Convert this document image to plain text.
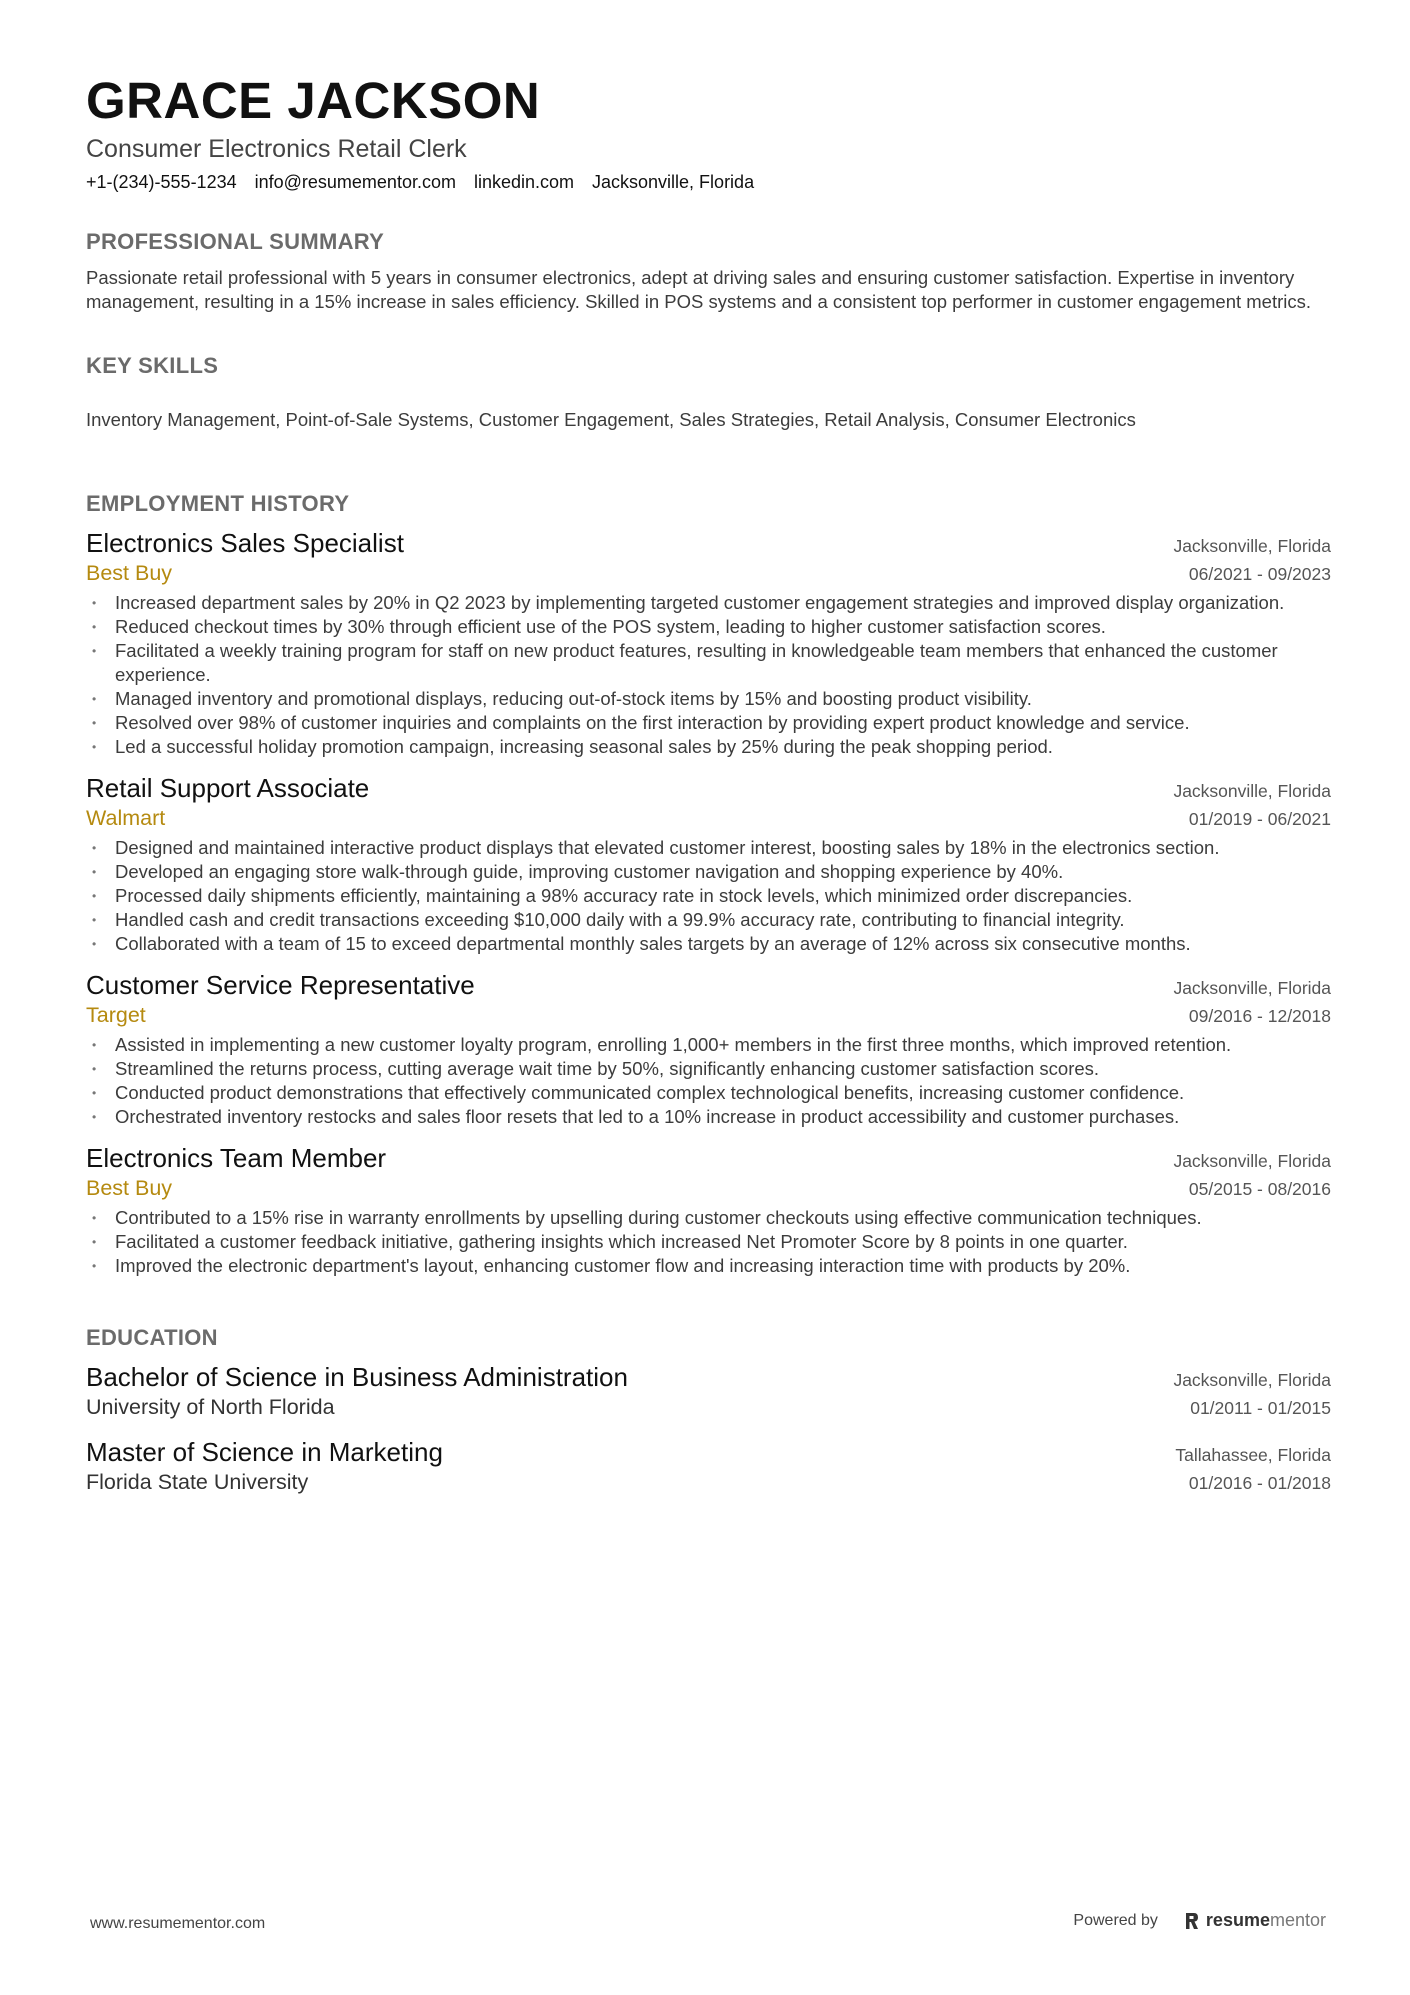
GRACE JACKSON
Consumer Electronics Retail Clerk
+1-(234)-555-1234 info@resumementor.com linkedin.com Jacksonville, Florida
PROFESSIONAL SUMMARY
Passionate retail professional with 5 years in consumer electronics, adept at driving sales and ensuring customer satisfaction. Expertise in inventory management, resulting in a 15% increase in sales efficiency. Skilled in POS systems and a consistent top performer in customer engagement metrics.
KEY SKILLS
Inventory Management, Point-of-Sale Systems, Customer Engagement, Sales Strategies, Retail Analysis, Consumer Electronics
EMPLOYMENT HISTORY
Electronics Sales Specialist	Jacksonville, Florida
Best Buy	06/2021 - 09/2023
• Increased department sales by 20% in Q2 2023 by implementing targeted customer engagement strategies and improved display organization.
• Reduced checkout times by 30% through efficient use of the POS system, leading to higher customer satisfaction scores.
• Facilitated a weekly training program for staff on new product features, resulting in knowledgeable team members that enhanced the customer experience.
• Managed inventory and promotional displays, reducing out-of-stock items by 15% and boosting product visibility.
• Resolved over 98% of customer inquiries and complaints on the first interaction by providing expert product knowledge and service.
• Led a successful holiday promotion campaign, increasing seasonal sales by 25% during the peak shopping period.
Retail Support Associate	Jacksonville, Florida
Walmart	01/2019 - 06/2021
• Designed and maintained interactive product displays that elevated customer interest, boosting sales by 18% in the electronics section.
• Developed an engaging store walk-through guide, improving customer navigation and shopping experience by 40%.
• Processed daily shipments efficiently, maintaining a 98% accuracy rate in stock levels, which minimized order discrepancies.
• Handled cash and credit transactions exceeding $10,000 daily with a 99.9% accuracy rate, contributing to financial integrity.
• Collaborated with a team of 15 to exceed departmental monthly sales targets by an average of 12% across six consecutive months.
Customer Service Representative	Jacksonville, Florida
Target	09/2016 - 12/2018
• Assisted in implementing a new customer loyalty program, enrolling 1,000+ members in the first three months, which improved retention.
• Streamlined the returns process, cutting average wait time by 50%, significantly enhancing customer satisfaction scores.
• Conducted product demonstrations that effectively communicated complex technological benefits, increasing customer confidence.
• Orchestrated inventory restocks and sales floor resets that led to a 10% increase in product accessibility and customer purchases.
Electronics Team Member	Jacksonville, Florida
Best Buy	05/2015 - 08/2016
• Contributed to a 15% rise in warranty enrollments by upselling during customer checkouts using effective communication techniques.
• Facilitated a customer feedback initiative, gathering insights which increased Net Promoter Score by 8 points in one quarter.
• Improved the electronic department's layout, enhancing customer flow and increasing interaction time with products by 20%.
EDUCATION
Bachelor of Science in Business Administration	Jacksonville, Florida
University of North Florida	01/2011 - 01/2015
Master of Science in Marketing	Tallahassee, Florida
Florida State University	01/2016 - 01/2018
www.resumementor.com	Powered by	resumementor
